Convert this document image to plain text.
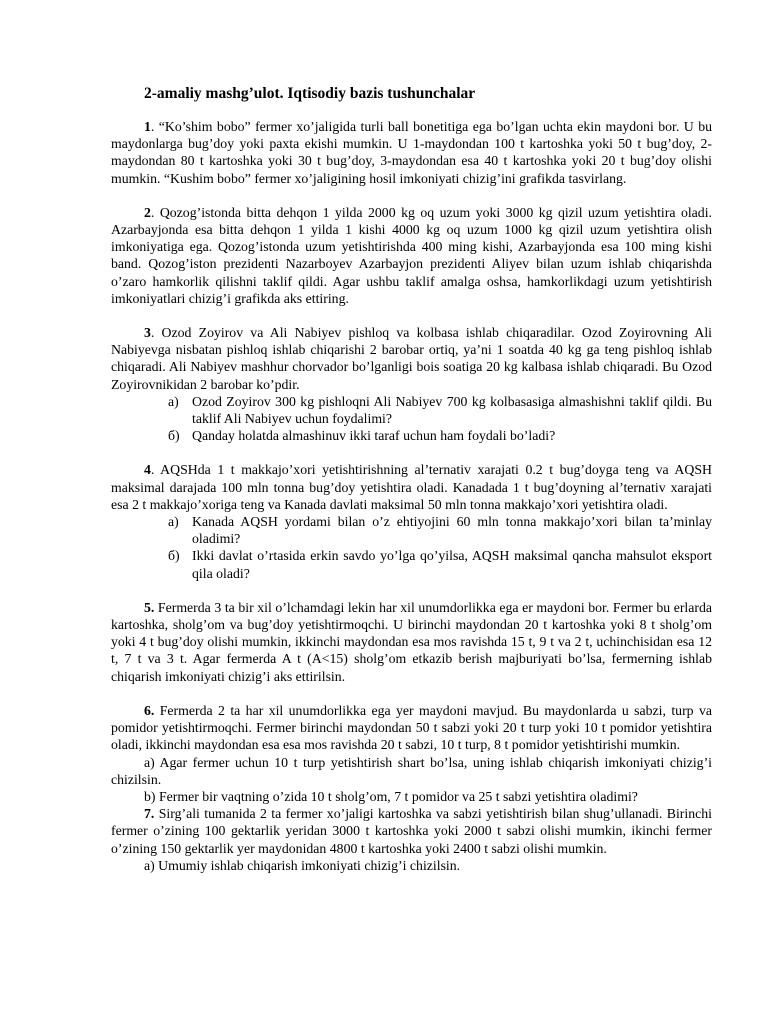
2-amaliy mashg’ulot. Iqtisodiy bazis tushunchalar

1. “Ko’shim bobo” fermer xo’jaligida turli ball bonetitiga ega bo’lgan uchta ekin maydoni bor. U bu maydonlarga bug’doy yoki paxta ekishi mumkin. U 1-maydondan 100 t kartoshka yoki 50 t bug’doy, 2-maydondan 80 t kartoshka yoki 30 t bug’doy, 3-maydondan esa 40 t kartoshka yoki 20 t bug’doy olishi mumkin. “Kushim bobo” fermer xo’jaligining hosil imkoniyati chizig’ini grafikda tasvirlang.

2. Qozog’istonda bitta dehqon 1 yilda 2000 kg oq uzum yoki 3000 kg qizil uzum yetishtira oladi. Azarbayjonda esa bitta dehqon 1 yilda 1 kishi 4000 kg oq uzum 1000 kg qizil uzum yetishtira olish imkoniyatiga ega. Qozog’istonda uzum yetishtirishda 400 ming kishi, Azarbayjonda esa 100 ming kishi band. Qozog’iston prezidenti Nazarboyev Azarbayjon prezidenti Aliyev bilan uzum ishlab chiqarishda o’zaro hamkorlik qilishni taklif qildi. Agar ushbu taklif amalga oshsa, hamkorlikdagi uzum yetishtirish imkoniyatlari chizig’i grafikda aks ettiring.

3. Ozod Zoyirov va Ali Nabiyev pishloq va kolbasa ishlab chiqaradilar. Ozod Zoyirovning Ali Nabiyevga nisbatan pishloq ishlab chiqarishi 2 barobar ortiq, ya’ni 1 soatda 40 kg ga teng pishloq ishlab chiqaradi. Ali Nabiyev mashhur chorvador bo’lganligi bois soatiga 20 kg kalbasa ishlab chiqaradi. Bu Ozod Zoyirovnikidan 2 barobar ko’pdir.

a) Ozod Zoyirov 300 kg pishloqni Ali Nabiyev 700 kg kolbasasiga almashishni taklif qildi. Bu taklif Ali Nabiyev uchun foydalimi?
б) Qanday holatda almashinuv ikki taraf uchun ham foydali bo’ladi?

4. AQSHda 1 t makkajo’xori yetishtirishning al’ternativ xarajati 0.2 t bug’doyga teng va AQSH maksimal darajada 100 mln tonna bug’doy yetishtira oladi. Kanadada 1 t bug’doyning al’ternativ xarajati esa 2 t makkajo’xoriga teng va Kanada davlati maksimal 50 mln tonna makkajo’xori yetishtira oladi.

a) Kanada AQSH yordami bilan o’z ehtiyojini 60 mln tonna makkajo’xori bilan ta’minlay oladimi?
б) Ikki davlat o’rtasida erkin savdo yo’lga qo’yilsa, AQSH maksimal qancha mahsulot eksport qila oladi?

5. Fermerda 3 ta bir xil o’lchamdagi lekin har xil unumdorlikka ega er maydoni bor. Fermer bu erlarda kartoshka, sholg’om va bug’doy yetishtirmoqchi. U birinchi maydondan 20 t kartoshka yoki 8 t sholg’om yoki 4 t bug’doy olishi mumkin, ikkinchi maydondan esa mos ravishda 15 t, 9 t va 2 t, uchinchisidan esa 12 t, 7 t va 3 t. Agar fermerda A t (A<15) sholg’om etkazib berish majburiyati bo’lsa, fermerning ishlab chiqarish imkoniyati chizig’i aks ettirilsin.

6. Fermerda 2 ta har xil unumdorlikka ega yer maydoni mavjud. Bu maydonlarda u sabzi, turp va pomidor yetishtirmoqchi. Fermer birinchi maydondan 50 t sabzi yoki 20 t turp yoki 10 t pomidor yetishtira oladi, ikkinchi maydondan esa esa mos ravishda 20 t sabzi, 10 t turp, 8 t pomidor yetishtirishi mumkin.

a) Agar fermer uchun 10 t turp yetishtirish shart bo’lsa, uning ishlab chiqarish imkoniyati chizig’i chizilsin.

b) Fermer bir vaqtning o’zida 10 t sholg’om, 7 t pomidor va 25 t sabzi yetishtira oladimi?

7. Sirg’ali tumanida 2 ta fermer xo’jaligi kartoshka va sabzi yetishtirish bilan shug’ullanadi. Birinchi fermer o’zining 100 gektarlik yeridan 3000 t kartoshka yoki 2000 t sabzi olishi mumkin, ikinchi fermer o’zining 150 gektarlik yer maydonidan 4800 t kartoshka yoki 2400 t sabzi olishi mumkin.

a) Umumiy ishlab chiqarish imkoniyati chizig’i chizilsin.
